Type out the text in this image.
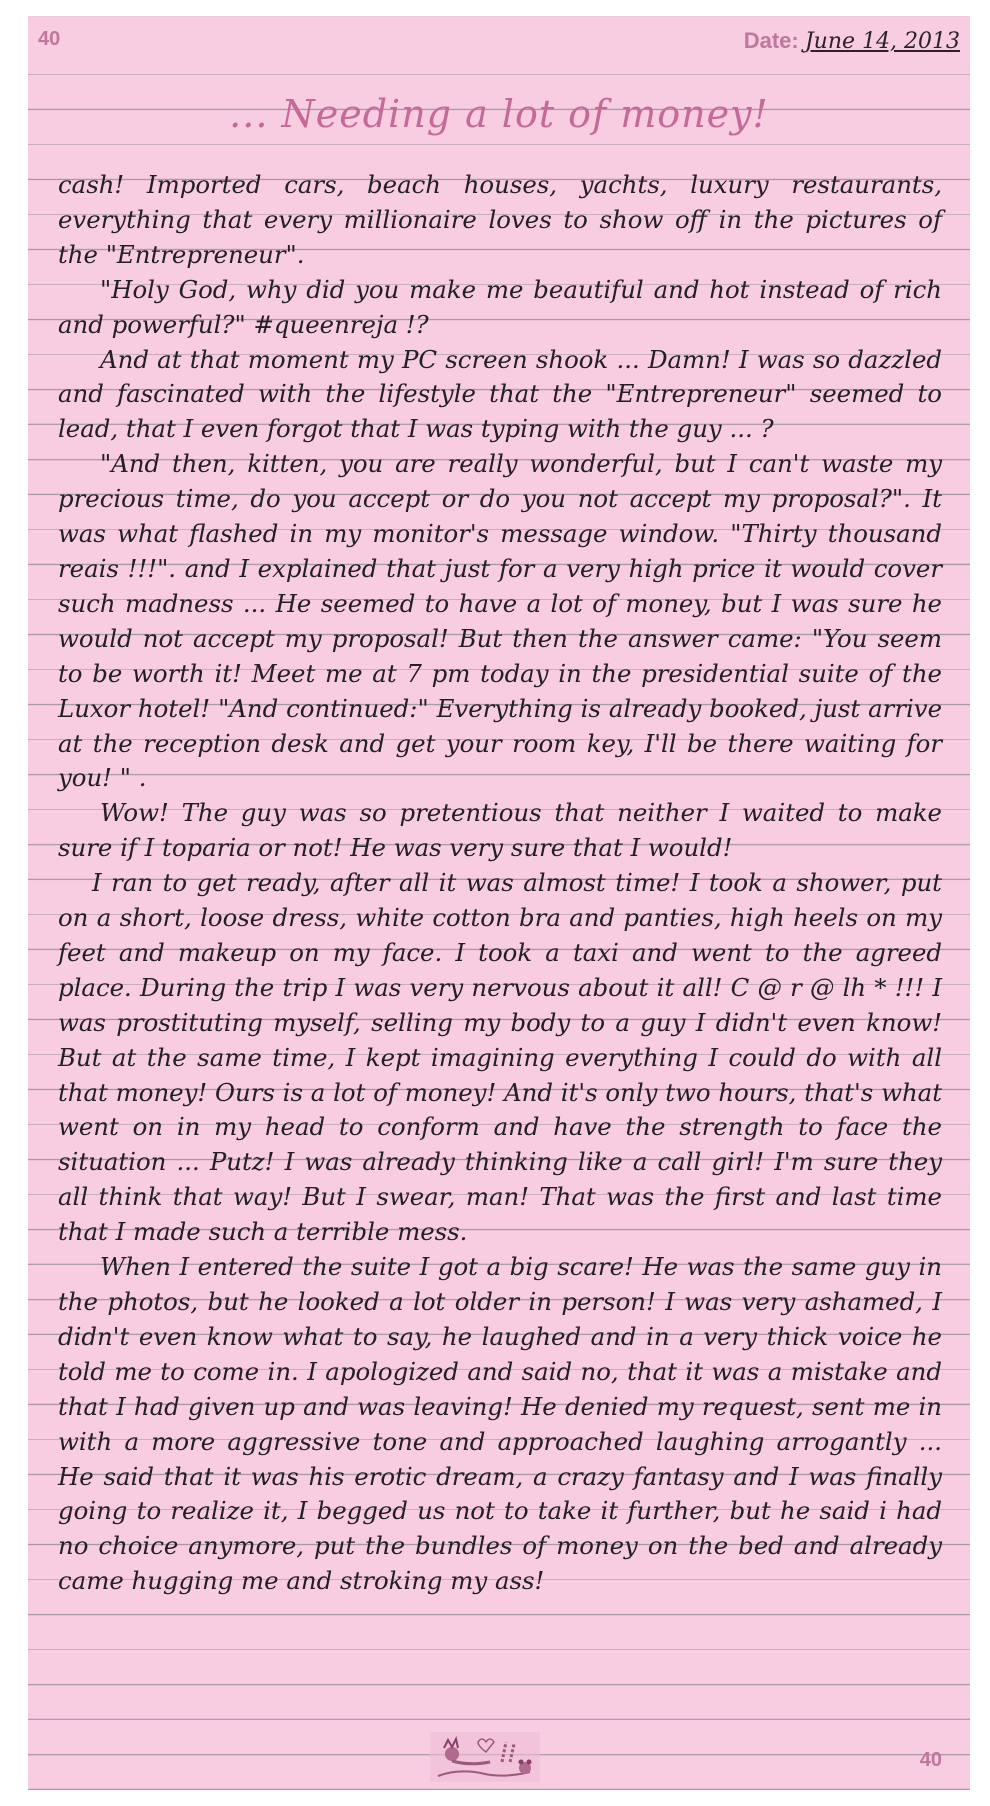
40	Date: June 14, 2013
... Needing a lot of money!

cash! Imported cars, beach houses, yachts, luxury restaurants, everything that every millionaire loves to show off in the pictures of the "Entrepreneur".

"Holy God, why did you make me beautiful and hot instead of rich and powerful?" #queenreja !?

And at that moment my PC screen shook ... Damn! I was so dazzled and fascinated with the lifestyle that the "Entrepreneur" seemed to lead, that I even forgot that I was typing with the guy ... ?

"And then, kitten, you are really wonderful, but I can't waste my precious time, do you accept or do you not accept my proposal?". It was what flashed in my monitor's message window. "Thirty thousand reais !!!". and I explained that just for a very high price it would cover such madness ... He seemed to have a lot of money, but I was sure he would not accept my proposal! But then the answer came: "You seem to be worth it! Meet me at 7 pm today in the presidential suite of the Luxor hotel! "And continued:" Everything is already booked, just arrive at the reception desk and get your room key, I'll be there waiting for you! " .

Wow! The guy was so pretentious that neither I waited to make sure if I toparia or not! He was very sure that I would!

I ran to get ready, after all it was almost time! I took a shower, put on a short, loose dress, white cotton bra and panties, high heels on my feet and makeup on my face. I took a taxi and went to the agreed place. During the trip I was very nervous about it all! C @ r @ lh * !!! I was prostituting myself, selling my body to a guy I didn't even know! But at the same time, I kept imagining everything I could do with all that money! Ours is a lot of money! And it's only two hours, that's what went on in my head to conform and have the strength to face the situation ... Putz! I was already thinking like a call girl! I'm sure they all think that way! But I swear, man! That was the first and last time that I made such a terrible mess.

When I entered the suite I got a big scare! He was the same guy in the photos, but he looked a lot older in person! I was very ashamed, I didn't even know what to say, he laughed and in a very thick voice he told me to come in. I apologized and said no, that it was a mistake and that I had given up and was leaving! He denied my request, sent me in with a more aggressive tone and approached laughing arrogantly ... He said that it was his erotic dream, a crazy fantasy and I was finally going to realize it, I begged us not to take it further, but he said i had no choice anymore, put the bundles of money on the bed and already came hugging me and stroking my ass!

40
